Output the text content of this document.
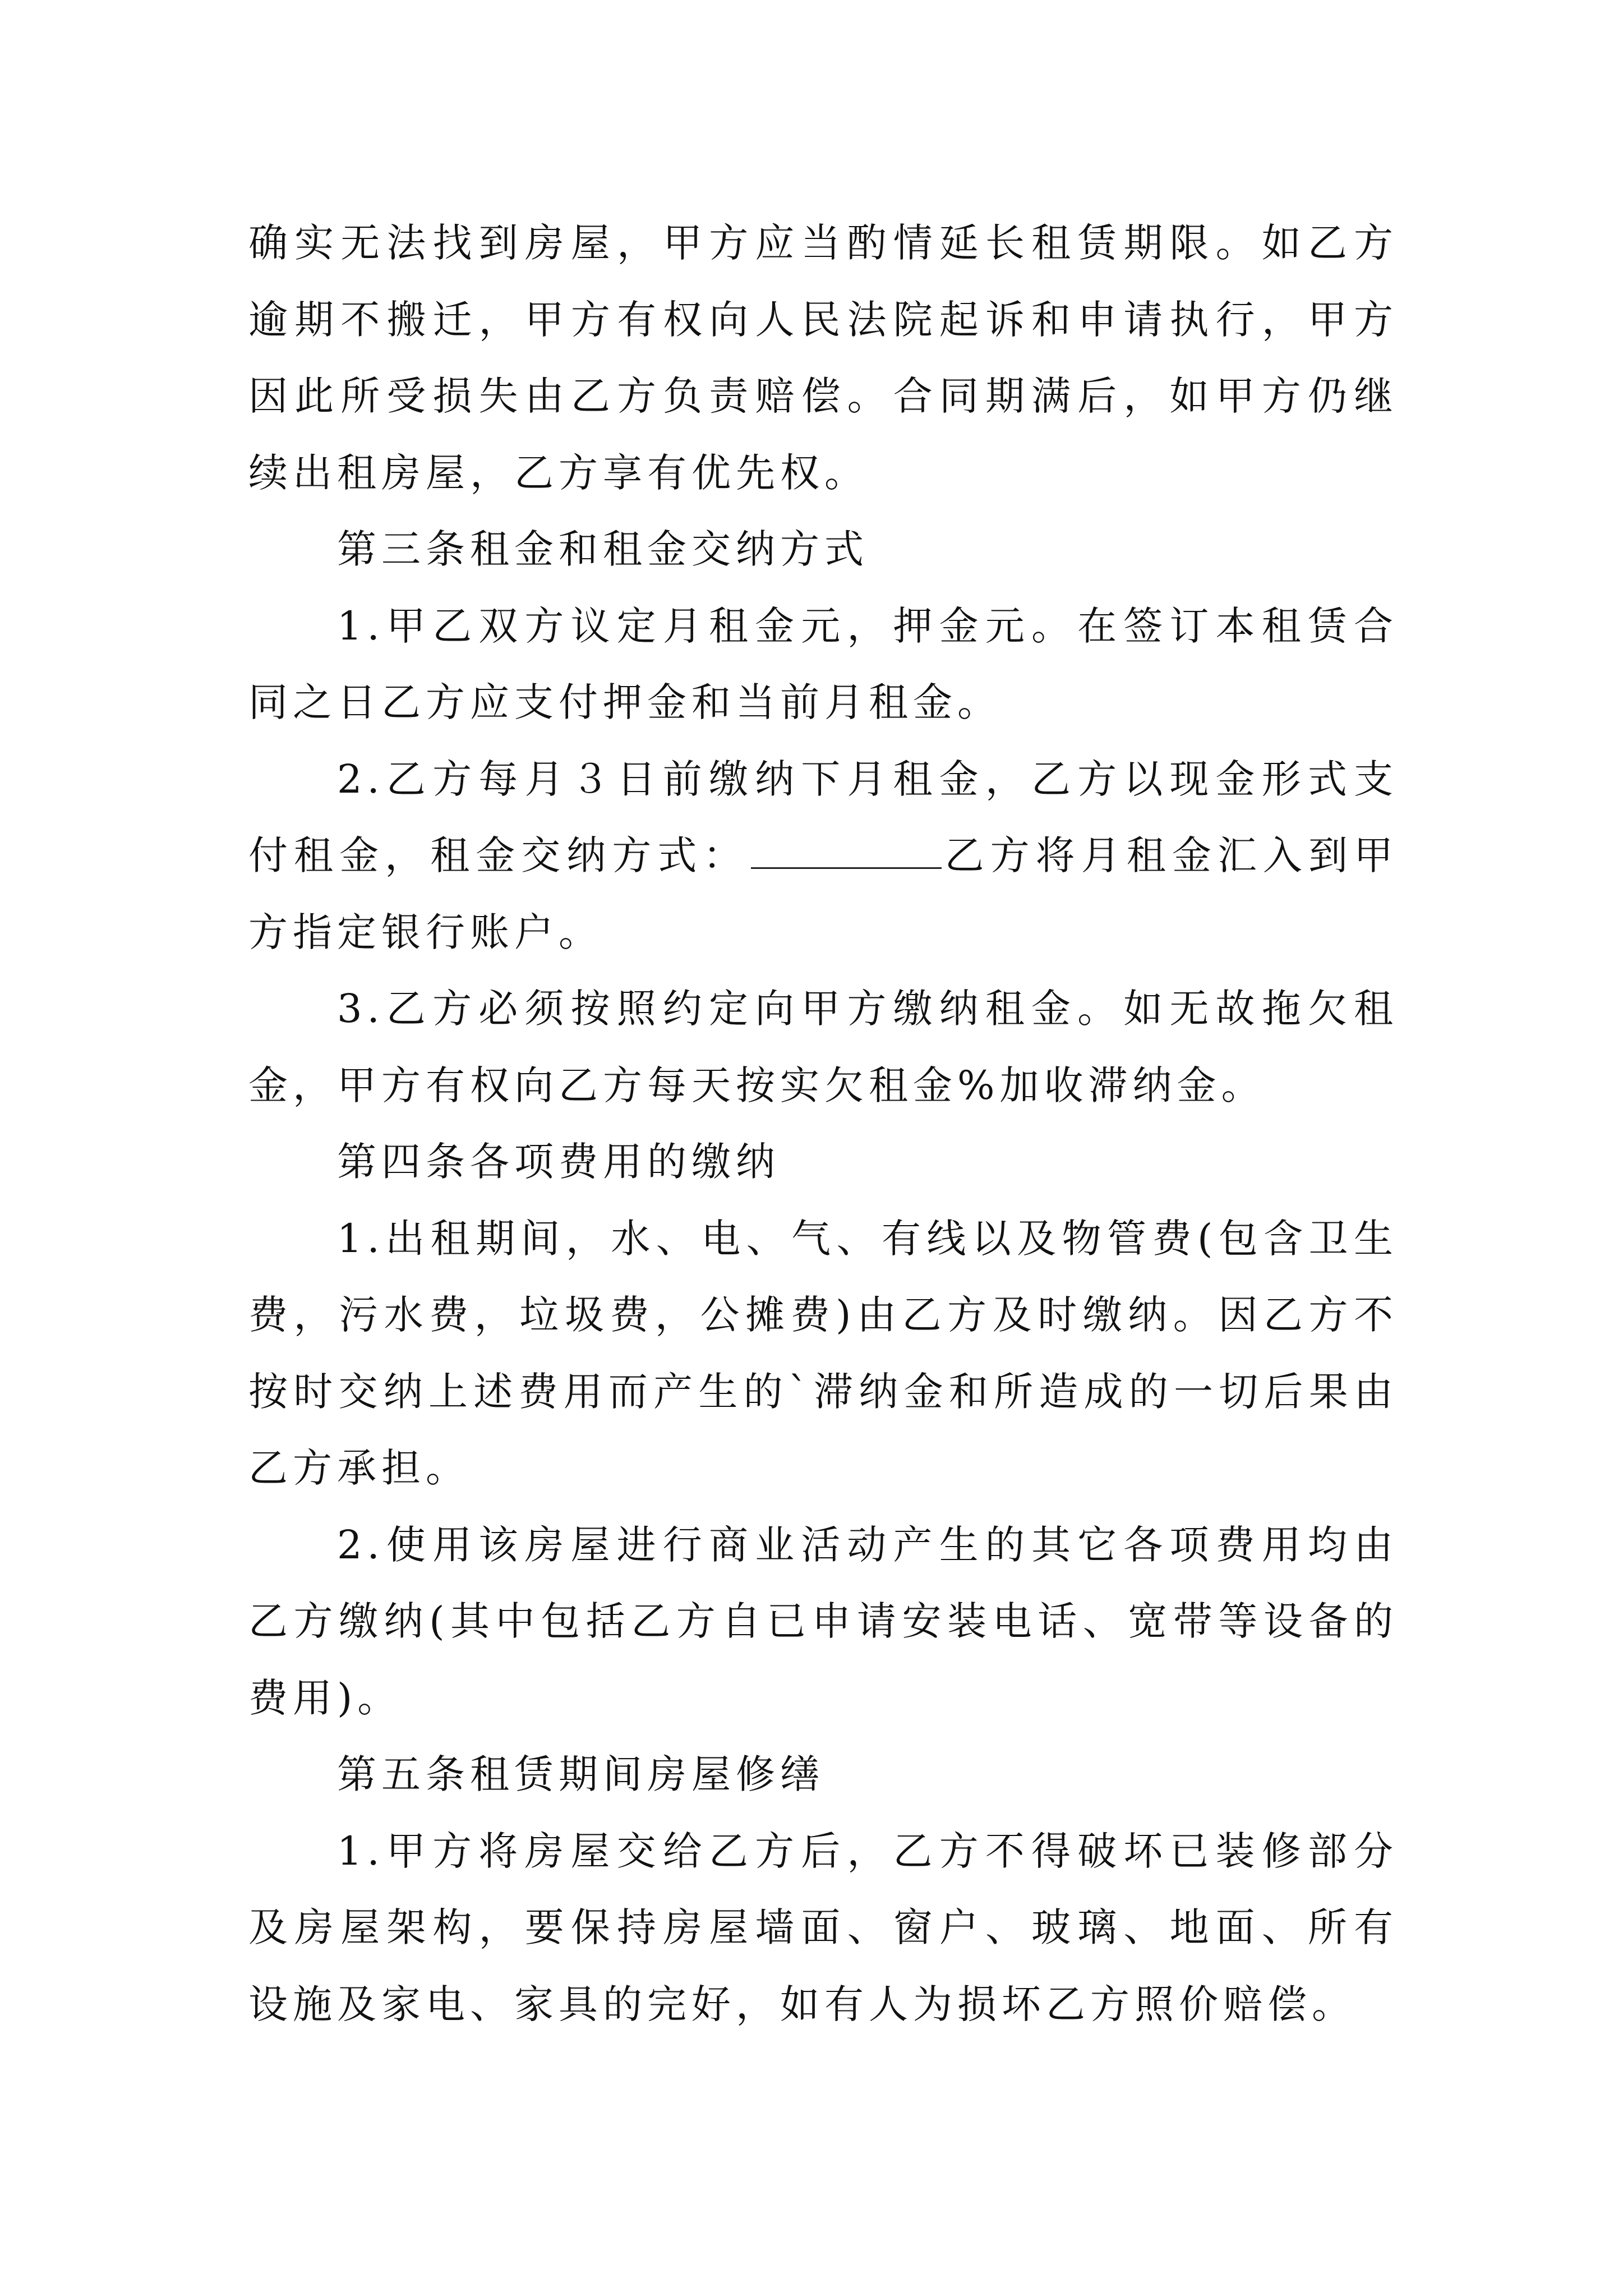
确实无法找到房屋，甲方应当酌情延长租赁期限。如乙方逾期不搬迁，甲方有权向人民法院起诉和申请执行，甲方因此所受损失由乙方负责赔偿。合同期满后，如甲方仍继续出租房屋，乙方享有优先权。

第三条租金和租金交纳方式

1.甲乙双方议定月租金元，押金元。在签订本租赁合同之日乙方应支付押金和当前月租金。

2.乙方每月３日前缴纳下月租金，乙方以现金形式支付租金，租金交纳方式：	乙方将月租金汇入到甲方指定银行账户。

3.乙方必须按照约定向甲方缴纳租金。如无故拖欠租金，甲方有权向乙方每天按实欠租金%加收滞纳金。

第四条各项费用的缴纳

1.出租期间，水、电、气、有线以及物管费(包含卫生费，污水费，垃圾费，公摊费)由乙方及时缴纳。因乙方不按时交纳上述费用而产生的`滞纳金和所造成的一切后果由乙方承担。

2.使用该房屋进行商业活动产生的其它各项费用均由乙方缴纳(其中包括乙方自已申请安装电话、宽带等设备的费用)。

第五条租赁期间房屋修缮

1.甲方将房屋交给乙方后，乙方不得破坏已装修部分及房屋架构，要保持房屋墙面、窗户、玻璃、地面、所有设施及家电、家具的完好，如有人为损坏乙方照价赔偿。
